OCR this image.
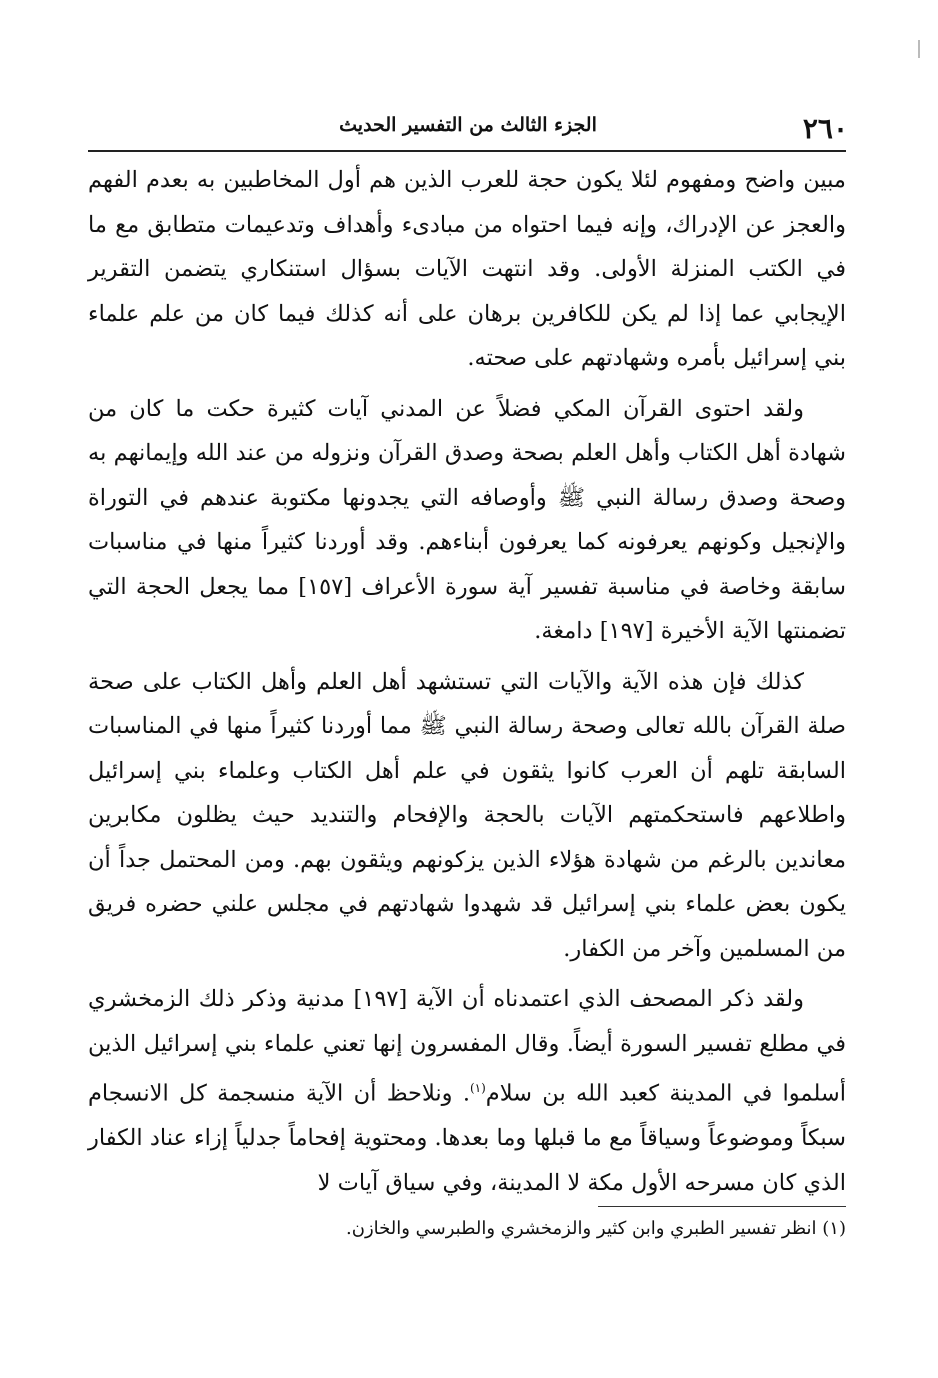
٢٦٠
الجزء الثالث من التفسير الحديث

مبين واضح ومفهوم لئلا يكون حجة للعرب الذين هم أول المخاطبين به بعدم الفهم والعجز عن الإدراك، وإنه فيما احتواه من مبادىء وأهداف وتدعيمات متطابق مع ما في الكتب المنزلة الأولى. وقد انتهت الآيات بسؤال استنكاري يتضمن التقرير الإيجابي عما إذا لم يكن للكافرين برهان على أنه كذلك فيما كان من علم علماء بني إسرائيل بأمره وشهادتهم على صحته.

ولقد احتوى القرآن المكي فضلاً عن المدني آيات كثيرة حكت ما كان من شهادة أهل الكتاب وأهل العلم بصحة وصدق القرآن ونزوله من عند الله وإيمانهم به وصحة وصدق رسالة النبي ﷺ وأوصافه التي يجدونها مكتوبة عندهم في التوراة والإنجيل وكونهم يعرفونه كما يعرفون أبناءهم. وقد أوردنا كثيراً منها في مناسبات سابقة وخاصة في مناسبة تفسير آية سورة الأعراف [١٥٧] مما يجعل الحجة التي تضمنتها الآية الأخيرة [١٩٧] دامغة.

كذلك فإن هذه الآية والآيات التي تستشهد أهل العلم وأهل الكتاب على صحة صلة القرآن بالله تعالى وصحة رسالة النبي ﷺ مما أوردنا كثيراً منها في المناسبات السابقة تلهم أن العرب كانوا يثقون في علم أهل الكتاب وعلماء بني إسرائيل واطلاعهم فاستحكمتهم الآيات بالحجة والإفحام والتنديد حيث يظلون مكابرين معاندين بالرغم من شهادة هؤلاء الذين يزكونهم ويثقون بهم. ومن المحتمل جداً أن يكون بعض علماء بني إسرائيل قد شهدوا شهادتهم في مجلس علني حضره فريق من المسلمين وآخر من الكفار.

ولقد ذكر المصحف الذي اعتمدناه أن الآية [١٩٧] مدنية وذكر ذلك الزمخشري في مطلع تفسير السورة أيضاً. وقال المفسرون إنها تعني علماء بني إسرائيل الذين أسلموا في المدينة كعبد الله بن سلام$^{(١)}$. ونلاحظ أن الآية منسجمة كل الانسجام سبكاً وموضوعاً وسياقاً مع ما قبلها وما بعدها. ومحتوية إفحاماً جدلياً إزاء عناد الكفار الذي كان مسرحه الأول مكة لا المدينة، وفي سياق آيات لا

(١) انظر تفسير الطبري وابن كثير والزمخشري والطبرسي والخازن.
